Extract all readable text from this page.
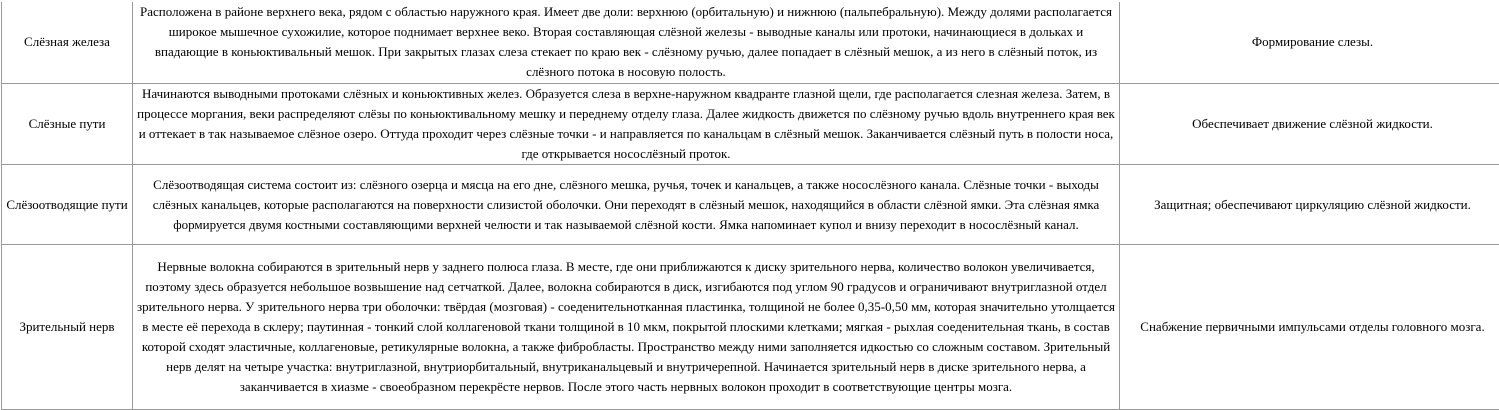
Слёзная железа	Расположена в районе верхнего века, рядом с областью наружного края. Имеет две доли: верхнюю (орбитальную) и нижнюю (пальпебральную). Между долями располагается широкое мышечное сухожилие, которое поднимает верхнее веко. Вторая составляющая слёзной железы - выводные каналы или протоки, начинающиеся в дольках и впадающие в коньюктивальный мешок. При закрытых глазах слеза стекает по краю век - слёзному ручью, далее попадает в слёзный мешок, а из него в слёзный поток, из слёзного потока в носовую полость.	Формирование слезы.
Слёзные пути	Начинаются выводными протоками слёзных и коньюктивных желез. Образуется слеза в верхне-наружном квадранте глазной щели, где располагается слезная железа. Затем, в процессе моргания, веки распределяют слёзы по коньюктивальному мешку и переднему отделу глаза. Далее жидкость движется по слёзному ручью вдоль внутреннего края век и оттекает в так называемое слёзное озеро. Оттуда проходит через слёзные точки - и направляется по канальцам в слёзный мешок. Заканчивается слёзный путь в полости носа, где открывается носослёзный проток.	Обеспечивает движение слёзной жидкости.
Слёзоотводящие пути	Слёзоотводящая система состоит из: слёзного озерца и мясца на его дне, слёзного мешка, ручья, точек и канальцев, а также носослёзного канала. Слёзные точки - выходы слёзных канальцев, которые располагаются на поверхности слизистой оболочки. Они переходят в слёзный мешок, находящийся в области слёзной ямки. Эта слёзная ямка формируется двумя костными составляющими верхней челюсти и так называемой слёзной кости. Ямка напоминает купол и внизу переходит в носослёзный канал.	Защитная; обеспечивают циркуляцию слёзной жидкости.
Зрительный нерв	Нервные волокна собираются в зрительный нерв у заднего полюса глаза. В месте, где они приближаются к диску зрительного нерва, количество волокон увеличивается, поэтому здесь образуется небольшое возвышение над сетчаткой. Далее, волокна собираются в диск, изгибаются под углом 90 градусов и ограничивают внутриглазной отдел зрительного нерва. У зрительного нерва три оболочки: твёрдая (мозговая) - соеденительнотканная пластинка, толщиной не более 0,35-0,50 мм, которая значительно утолщается в месте её перехода в склеру; паутинная - тонкий слой коллагеновой ткани толщиной в 10 мкм, покрытой плоскими клетками; мягкая - рыхлая соеденительная ткань, в состав которой сходят эластичные, коллагеновые, ретикулярные волокна, а также фибробласты. Пространство между ними заполняется идкостью со сложным составом. Зрительный нерв делят на четыре участка: внутриглазной, внутриорбитальный, внутриканальцевый и внутричерепной. Начинается зрительный нерв в диске зрительного нерва, а заканчивается в хиазме - своеобразном перекрёсте нервов. После этого часть нервных волокон проходит в соответствующие центры мозга.	Снабжение первичными импульсами отделы головного мозга.
